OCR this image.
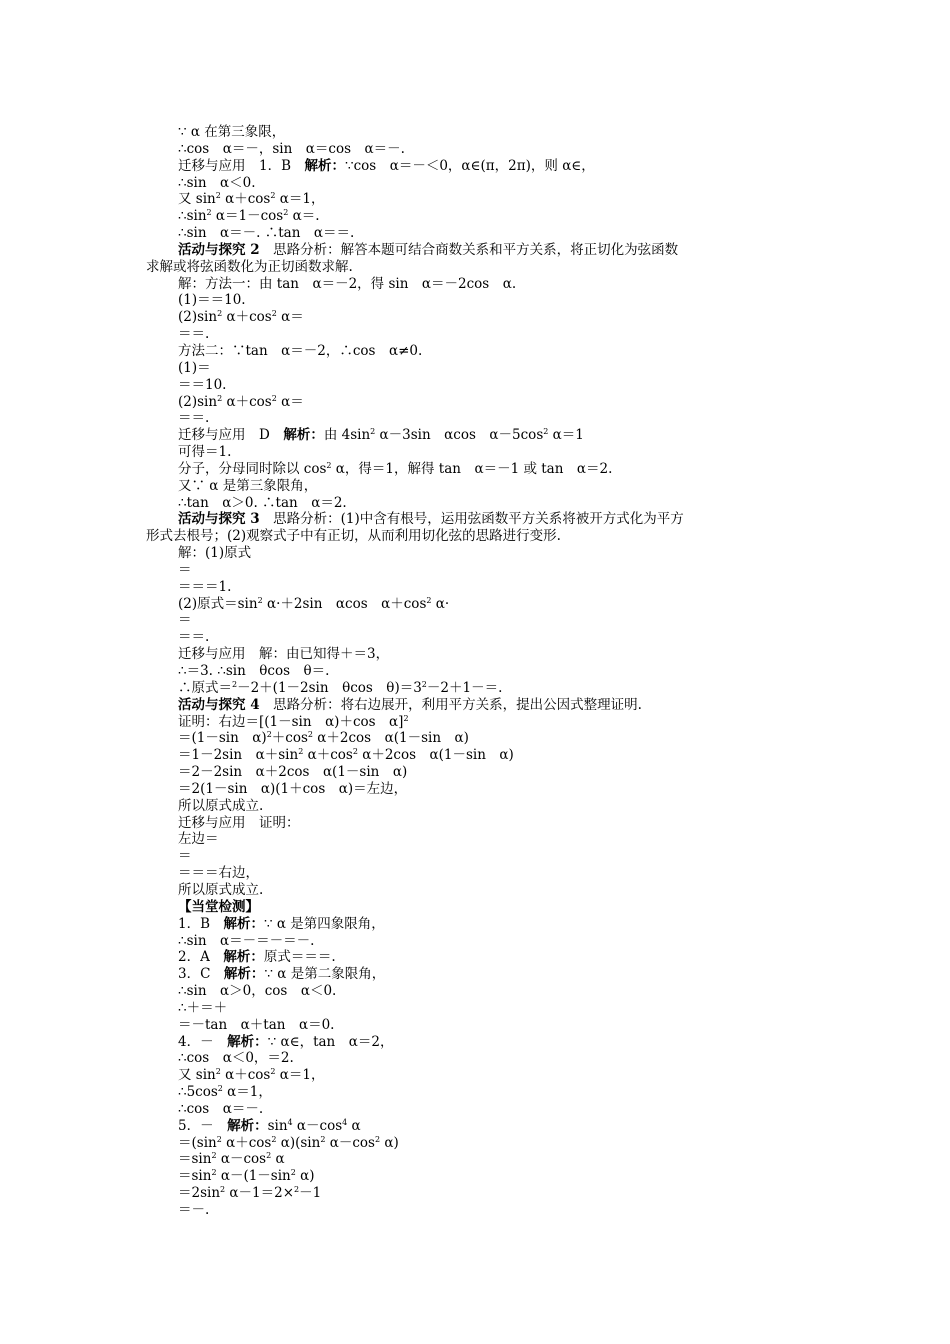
∵ α 在第三象限，
∴cos　α＝－，sin　α＝cos　α＝－.
迁移与应用　1．B　解析：∵cos　α＝－＜0，α∈(π，2π)，则 α∈，
∴sin　α＜0.
又 $\sin^2 \alpha+\cos^2$ α＝1，
$\therefore\sin^2$ $\alpha=1-\cos^2$ α＝.
∴sin　α＝－. ∴tan　α＝＝.
活动与探究 2　思路分析：解答本题可结合商数关系和平方关系，将正切化为弦函数
求解或将弦函数化为正切函数求解.
解：方法一：由 tan　α＝－2，得 sin　α＝－2cos　α.
(1)＝＝10.
$(2)\sin^2$ $\alpha+\cos^2$ α＝
＝＝.
方法二：∵tan　α＝－2，∴cos　α≠0.
(1)＝
＝＝10.
$(2)\sin^2$ $\alpha+\cos^2$ α＝
＝＝.
迁移与应用　D　解析：由 $4\sin^2$ α－3sin　αcos　$\alpha-5\cos^2$ α＝1
可得＝1.
分子，分母同时除以 $\cos^2 \alpha$，得＝1，解得 tan　α＝－1 或 tan　α＝2.
又∵ α 是第三象限角，
∴tan　α＞0. ∴tan　α＝2.
活动与探究 3　思路分析：(1)中含有根号，运用弦函数平方关系将被开方式化为平方
形式去根号；(2)观察式子中有正切，从而利用切化弦的思路进行变形.
解：(1)原式
＝
＝＝＝1.
(2)原式$=\sin^2$ α·＋2sin　αcos　$\alpha+\cos^2$ α·
＝
＝＝.
迁移与应用　解：由已知得＋＝3，
∴＝3. ∴sin　θcos　θ＝.
∴原式＝$^2$－2＋(1－2sin　θcos　$\theta)=3^2-2+1-=$.
活动与探究 4　思路分析：将右边展开，利用平方关系，提出公因式整理证明.
证明：右边＝[(1－sin　α)＋cos　α]$^2$
＝(1－sin　$\alpha)^2+\cos^2$ α＋2cos　α(1－sin　α)
＝1－2sin　$\alpha+\sin^2$ $\alpha+\cos^2$ α＋2cos　α(1－sin　α)
＝2－2sin　α＋2cos　α(1－sin　α)
＝2(1－sin　α)(1＋cos　α)＝左边，
所以原式成立.
迁移与应用　证明：
左边＝
＝
＝＝＝右边，
所以原式成立.
【当堂检测】
1．B　解析：∵ α 是第四象限角，
∴sin　α＝－＝－＝－.
2．A　解析：原式＝＝＝.
3．C　解析：∵ α 是第二象限角，
∴sin　α＞0，cos　α＜0.
∴＋＝＋
＝－tan　α＋tan　α＝0.
4．－　解析：∵ α∈，tan　α＝2，
∴cos　α＜0，＝2.
又 $\sin^2 \alpha+\cos^2$ α＝1，
$\therefore 5\cos^2$ α＝1，
∴cos　α＝－.
5．－　解析：$\sin^4 \alpha-\cos^4$ α
$=(\sin^2$ $\alpha+\cos^2$ $\alpha)(\sin^2$ $\alpha-\cos^2$ α)
$=\sin^2$ $\alpha-\cos^2$ α
$=\sin^2$ $\alpha-(1-\sin^2$ α)
$=2\sin^2$ α－1＝2×$^2$－1
＝－.
